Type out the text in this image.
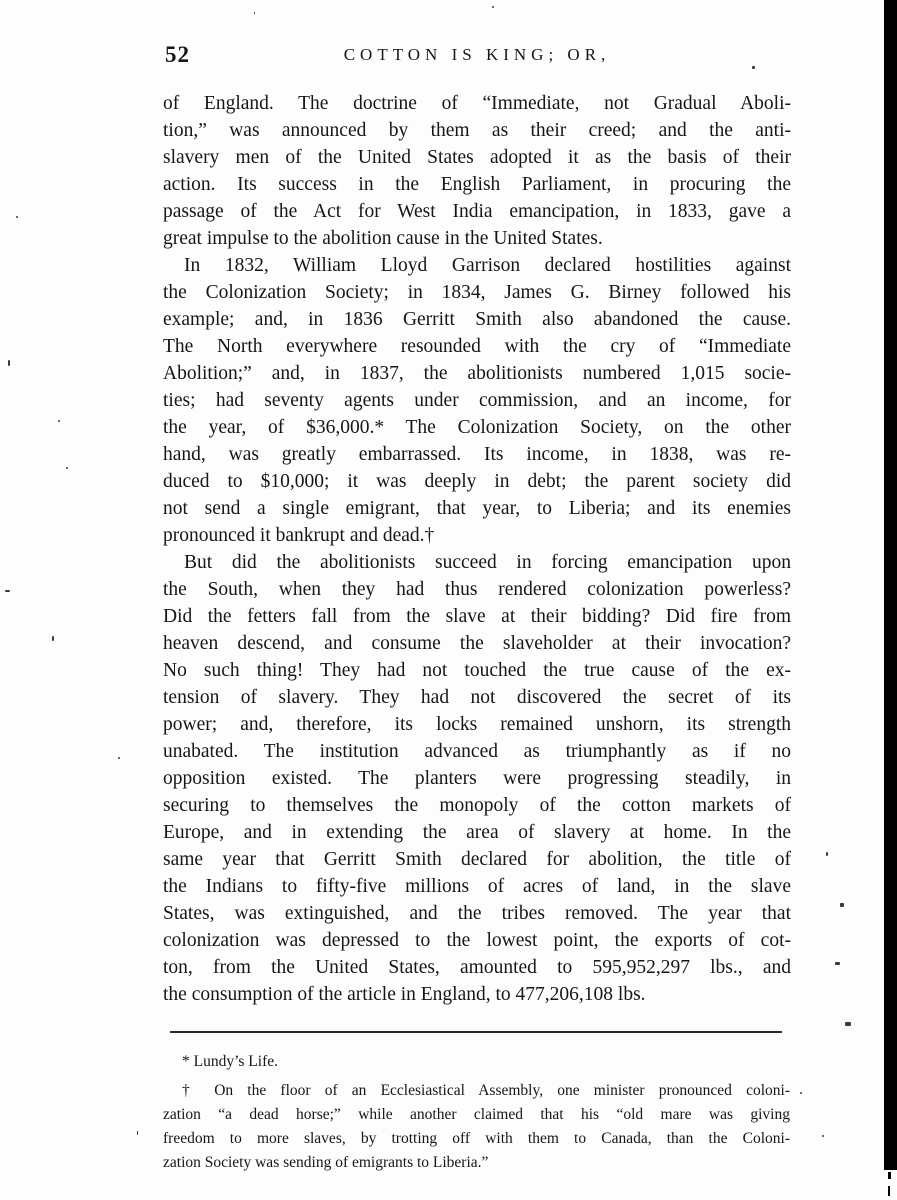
52	COTTON IS KING; OR,
of England. The doctrine of “Immediate, not Gradual Aboli-
tion,” was announced by them as their creed; and the anti-
slavery men of the United States adopted it as the basis of their
action. Its success in the English Parliament, in procuring the
passage of the Act for West India emancipation, in 1833, gave a
great impulse to the abolition cause in the United States.
In 1832, William Lloyd Garrison declared hostilities against
the Colonization Society; in 1834, James G. Birney followed his
example; and, in 1836 Gerritt Smith also abandoned the cause.
The North everywhere resounded with the cry of “Immediate
Abolition;” and, in 1837, the abolitionists numbered 1,015 socie-
ties; had seventy agents under commission, and an income, for
the year, of $36,000.* The Colonization Society, on the other
hand, was greatly embarrassed. Its income, in 1838, was re-
duced to $10,000; it was deeply in debt; the parent society did
not send a single emigrant, that year, to Liberia; and its enemies
pronounced it bankrupt and dead.†
But did the abolitionists succeed in forcing emancipation upon
the South, when they had thus rendered colonization powerless?
Did the fetters fall from the slave at their bidding? Did fire from
heaven descend, and consume the slaveholder at their invocation?
No such thing! They had not touched the true cause of the ex-
tension of slavery. They had not discovered the secret of its
power; and, therefore, its locks remained unshorn, its strength
unabated. The institution advanced as triumphantly as if no
opposition existed. The planters were progressing steadily, in
securing to themselves the monopoly of the cotton markets of
Europe, and in extending the area of slavery at home. In the
same year that Gerritt Smith declared for abolition, the title of
the Indians to fifty-five millions of acres of land, in the slave
States, was extinguished, and the tribes removed. The year that
colonization was depressed to the lowest point, the exports of cot-
ton, from the United States, amounted to 595,952,297 lbs., and
the consumption of the article in England, to 477,206,108 lbs.
* Lundy’s Life.
† On the floor of an Ecclesiastical Assembly, one minister pronounced coloni-
zation “a dead horse;” while another claimed that his “old mare was giving
freedom to more slaves, by trotting off with them to Canada, than the Coloni-
zation Society was sending of emigrants to Liberia.”
